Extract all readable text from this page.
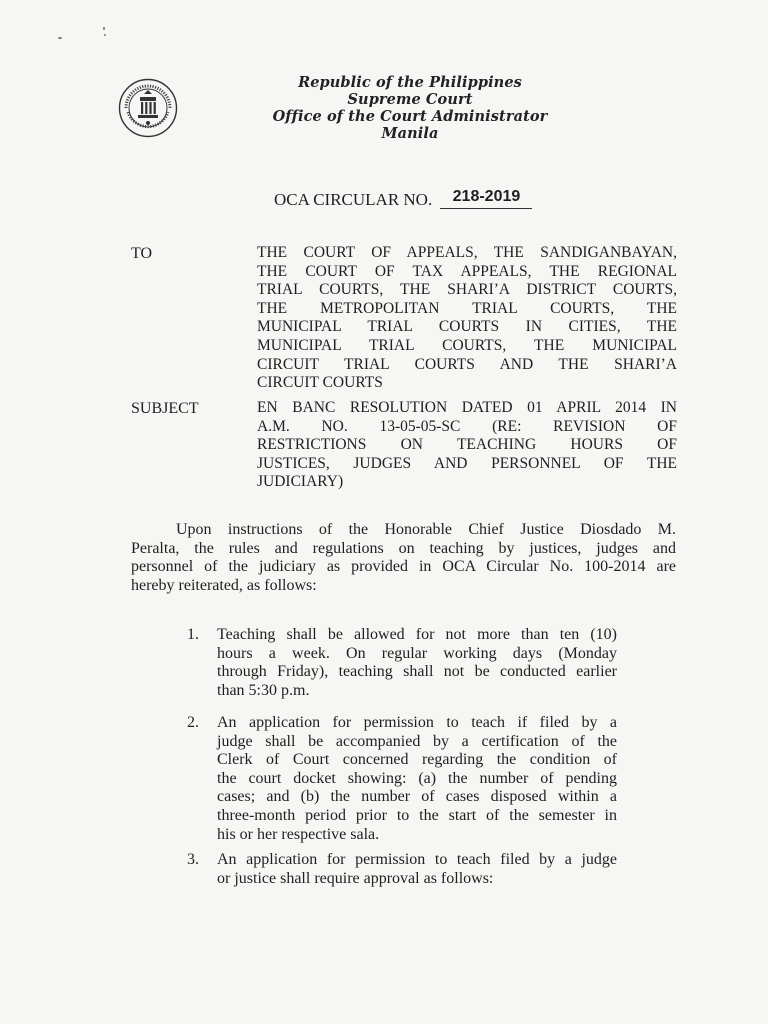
Republic of the Philippines
Supreme Court
Office of the Court Administrator
Manila
OCA CIRCULAR NO. 218-2019
TO	THE COURT OF APPEALS, THE SANDIGANBAYAN,
THE COURT OF TAX APPEALS, THE REGIONAL
TRIAL COURTS, THE SHARI’A DISTRICT COURTS,
THE METROPOLITAN TRIAL COURTS, THE
MUNICIPAL TRIAL COURTS IN CITIES, THE
MUNICIPAL TRIAL COURTS, THE MUNICIPAL
CIRCUIT TRIAL COURTS AND THE SHARI’A
CIRCUIT COURTS
SUBJECT	EN BANC RESOLUTION DATED 01 APRIL 2014 IN
A.M. NO. 13-05-05-SC (RE: REVISION OF
RESTRICTIONS ON TEACHING HOURS OF
JUSTICES, JUDGES AND PERSONNEL OF THE
JUDICIARY)
Upon instructions of the Honorable Chief Justice Diosdado M.
Peralta, the rules and regulations on teaching by justices, judges and
personnel of the judiciary as provided in OCA Circular No. 100-2014 are
hereby reiterated, as follows:
1. Teaching shall be allowed for not more than ten (10)
hours a week. On regular working days (Monday
through Friday), teaching shall not be conducted earlier
than 5:30 p.m.
2. An application for permission to teach if filed by a
judge shall be accompanied by a certification of the
Clerk of Court concerned regarding the condition of
the court docket showing: (a) the number of pending
cases; and (b) the number of cases disposed within a
three-month period prior to the start of the semester in
his or her respective sala.
3. An application for permission to teach filed by a judge
or justice shall require approval as follows:
